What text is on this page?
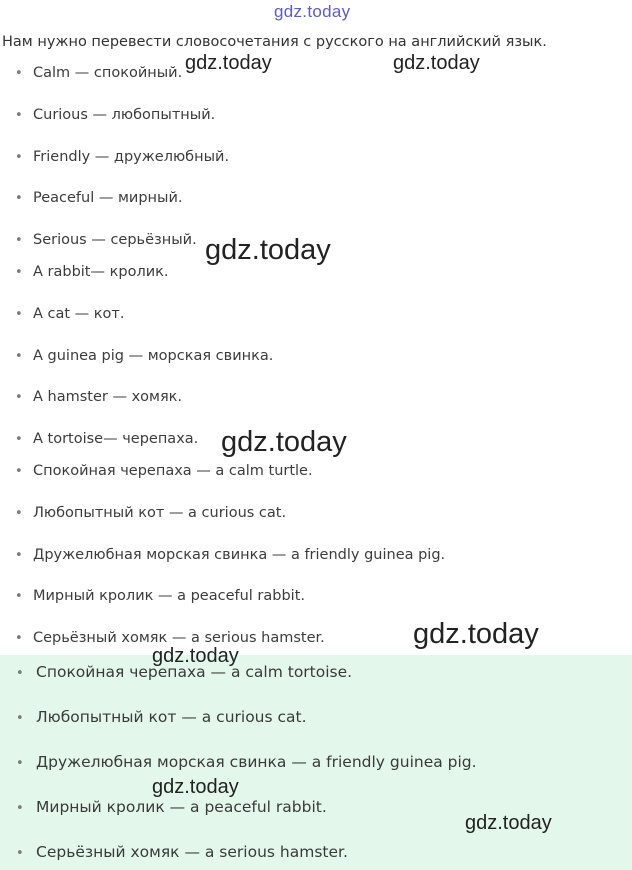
gdz.today
Нам нужно перевести словосочетания с русского на английский язык.
• Calm — спокойный.
• Curious — любопытный.
• Friendly — дружелюбный.
• Peaceful — мирный.
• Serious — серьёзный.
• A rabbit— кролик.
• A cat — кот.
• A guinea pig — морская свинка.
• A hamster — хомяк.
• A tortoise— черепаха.
• Спокойная черепаха — a calm turtle.
• Любопытный кот — a curious cat.
• Дружелюбная морская свинка — a friendly guinea pig.
• Мирный кролик — a peaceful rabbit.
• Серьёзный хомяк — a serious hamster.
• Спокойная черепаха — a calm tortoise.
• Любопытный кот — a curious cat.
• Дружелюбная морская свинка — a friendly guinea pig.
• Мирный кролик — a peaceful rabbit.
• Серьёзный хомяк — a serious hamster.
gdz.today	gdz.today
gdz.today
gdz.today
gdz.today
gdz.today
gdz.today
gdz.today
